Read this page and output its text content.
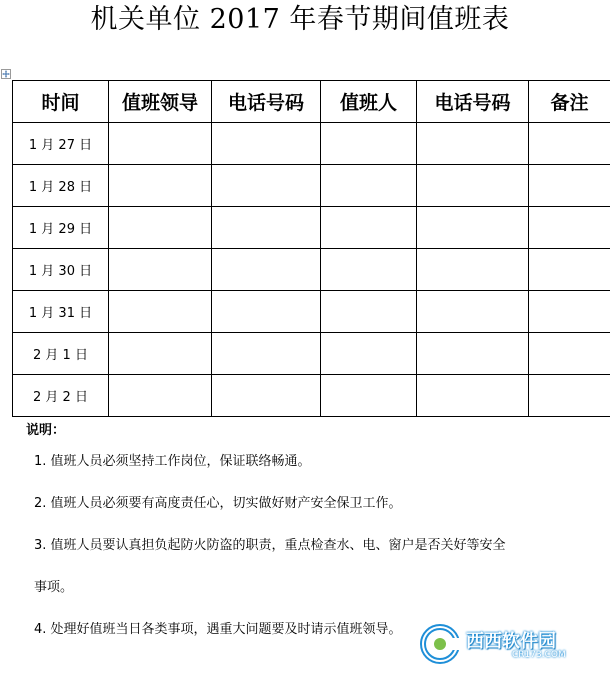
机关单位 2017 年春节期间值班表
时间	值班领导	电话号码	值班人	电话号码	备注
1 月 27 日					
1 月 28 日					
1 月 29 日					
1 月 30 日					
1 月 31 日					
2 月 1 日					
2 月 2 日					
说明：
1. 值班人员必须坚持工作岗位，保证联络畅通。
2. 值班人员必须要有高度责任心，切实做好财产安全保卫工作。
3. 值班人员要认真担负起防火防盗的职责，重点检查水、电、窗户是否关好等安全
事项。
4. 处理好值班当日各类事项，遇重大问题要及时请示值班领导。
西西软件园
CR173.COM
